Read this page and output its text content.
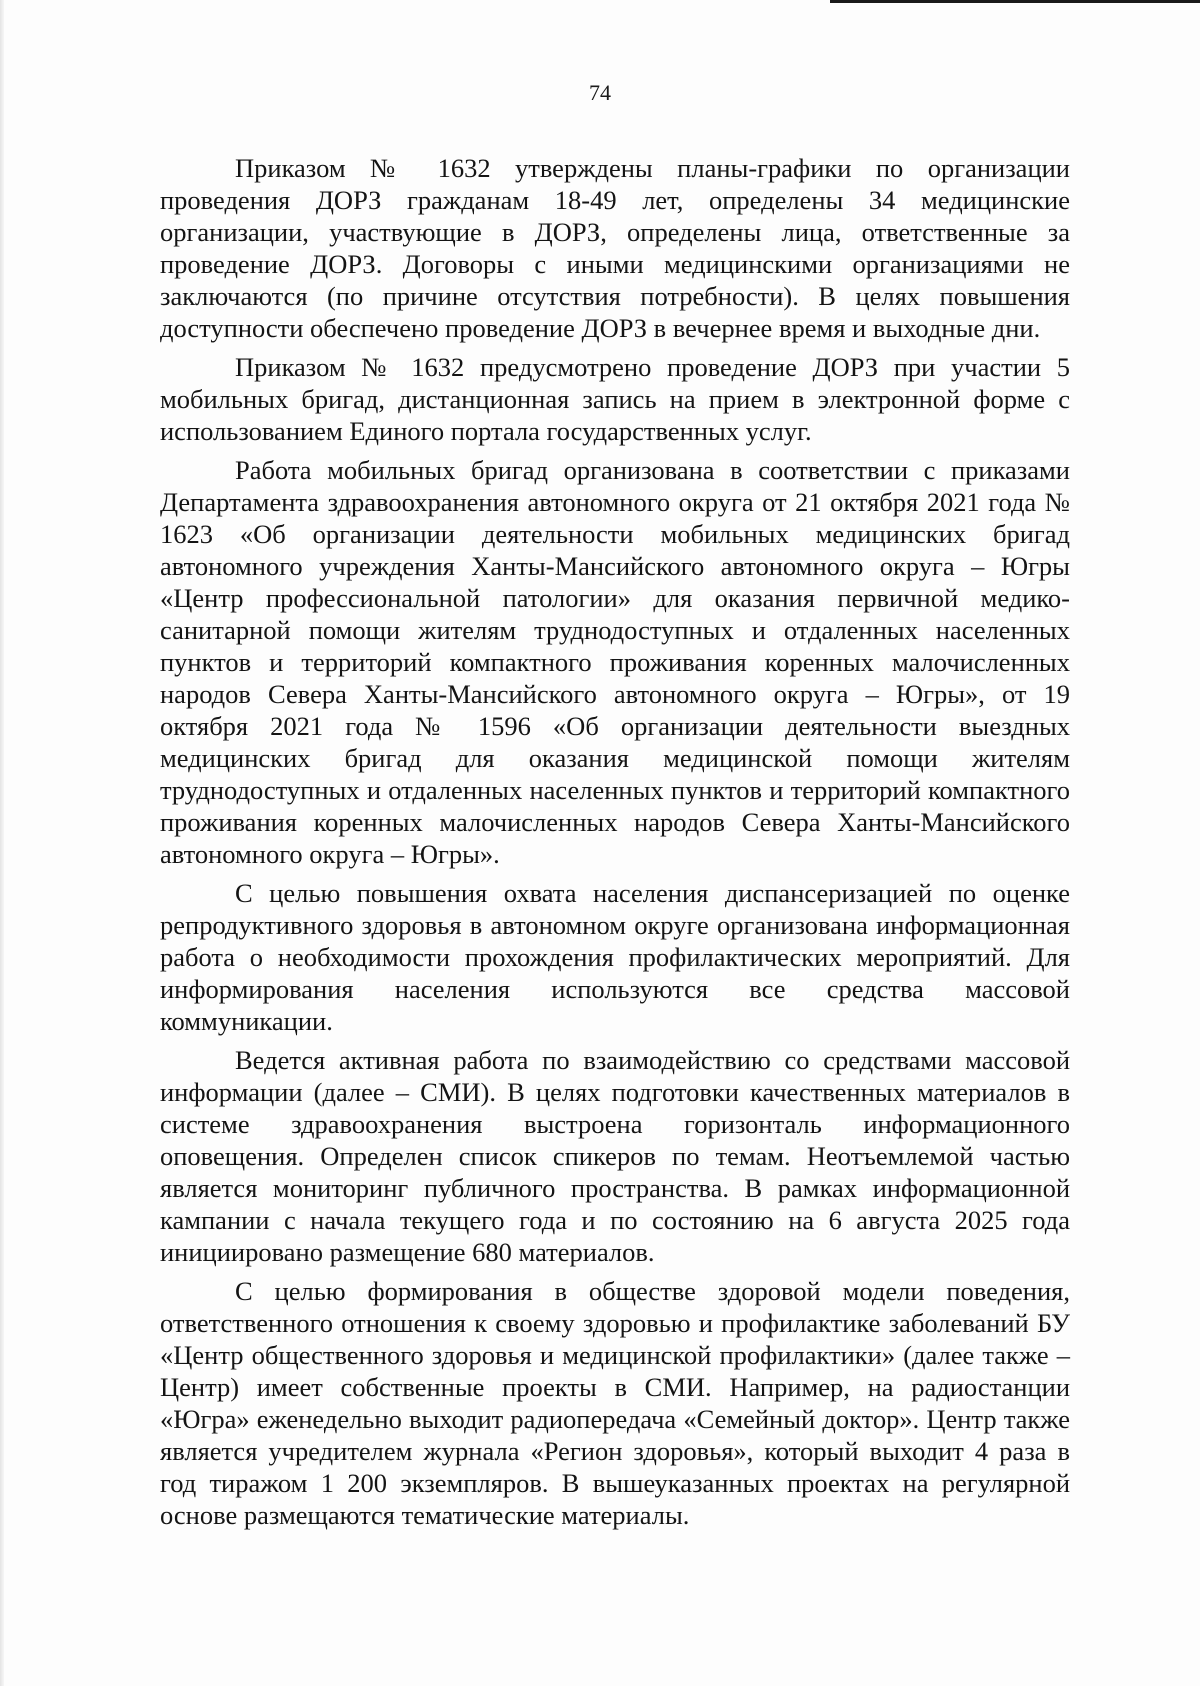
74

Приказом № 1632 утверждены планы-графики по организации проведения ДОРЗ гражданам 18-49 лет, определены 34 медицинские организации, участвующие в ДОРЗ, определены лица, ответственные за проведение ДОРЗ. Договоры с иными медицинскими организациями не заключаются (по причине отсутствия потребности). В целях повышения доступности обеспечено проведение ДОРЗ в вечернее время и выходные дни.

Приказом № 1632 предусмотрено проведение ДОРЗ при участии 5 мобильных бригад, дистанционная запись на прием в электронной форме с использованием Единого портала государственных услуг.

Работа мобильных бригад организована в соответствии с приказами Департамента здравоохранения автономного округа от 21 октября 2021 года № 1623 «Об организации деятельности мобильных медицинских бригад автономного учреждения Ханты-Мансийского автономного округа – Югры «Центр профессиональной патологии» для оказания первичной медико-санитарной помощи жителям труднодоступных и отдаленных населенных пунктов и территорий компактного проживания коренных малочисленных народов Севера Ханты-Мансийского автономного округа – Югры», от 19 октября 2021 года № 1596 «Об организации деятельности выездных медицинских бригад для оказания медицинской помощи жителям труднодоступных и отдаленных населенных пунктов и территорий компактного проживания коренных малочисленных народов Севера Ханты-Мансийского автономного округа – Югры».

С целью повышения охвата населения диспансеризацией по оценке репродуктивного здоровья в автономном округе организована информационная работа о необходимости прохождения профилактических мероприятий. Для информирования населения используются все средства массовой коммуникации.

Ведется активная работа по взаимодействию со средствами массовой информации (далее – СМИ). В целях подготовки качественных материалов в системе здравоохранения выстроена горизонталь информационного оповещения. Определен список спикеров по темам. Неотъемлемой частью является мониторинг публичного пространства. В рамках информационной кампании с начала текущего года и по состоянию на 6 августа 2025 года инициировано размещение 680 материалов.

С целью формирования в обществе здоровой модели поведения, ответственного отношения к своему здоровью и профилактике заболеваний БУ «Центр общественного здоровья и медицинской профилактики» (далее также – Центр) имеет собственные проекты в СМИ. Например, на радиостанции «Югра» еженедельно выходит радиопередача «Семейный доктор». Центр также является учредителем журнала «Регион здоровья», который выходит 4 раза в год тиражом 1 200 экземпляров. В вышеуказанных проектах на регулярной основе размещаются тематические материалы.
